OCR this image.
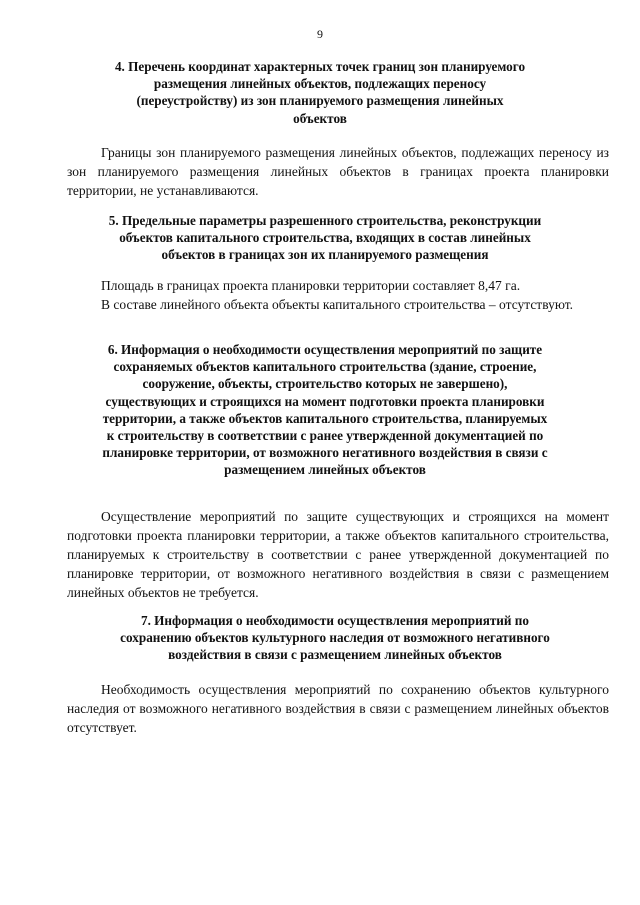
9
4. Перечень координат характерных точек границ зон планируемого размещения линейных объектов, подлежащих переносу (переустройству) из зон планируемого размещения линейных объектов
Границы зон планируемого размещения линейных объектов, подлежащих переносу из зон планируемого размещения линейных объектов в границах проекта планировки территории, не устанавливаются.
5. Предельные параметры разрешенного строительства, реконструкции объектов капитального строительства, входящих в состав линейных объектов в границах зон их планируемого размещения
Площадь в границах проекта планировки территории составляет 8,47 га.
В составе линейного объекта объекты капитального строительства – отсутствуют.
6. Информация о необходимости осуществления мероприятий по защите сохраняемых объектов капитального строительства (здание, строение, сооружение, объекты, строительство которых не завершено), существующих и строящихся на момент подготовки проекта планировки территории, а также объектов капитального строительства, планируемых к строительству в соответствии с ранее утвержденной документацией по планировке территории, от возможного негативного воздействия в связи с размещением линейных объектов
Осуществление мероприятий по защите существующих и строящихся на момент подготовки проекта планировки территории, а также объектов капитального строительства, планируемых к строительству в соответствии с ранее утвержденной документацией по планировке территории, от возможного негативного воздействия в связи с размещением линейных объектов не требуется.
7. Информация о необходимости осуществления мероприятий по сохранению объектов культурного наследия от возможного негативного воздействия в связи с размещением линейных объектов
Необходимость осуществления мероприятий по сохранению объектов культурного наследия от возможного негативного воздействия в связи с размещением линейных объектов отсутствует.
